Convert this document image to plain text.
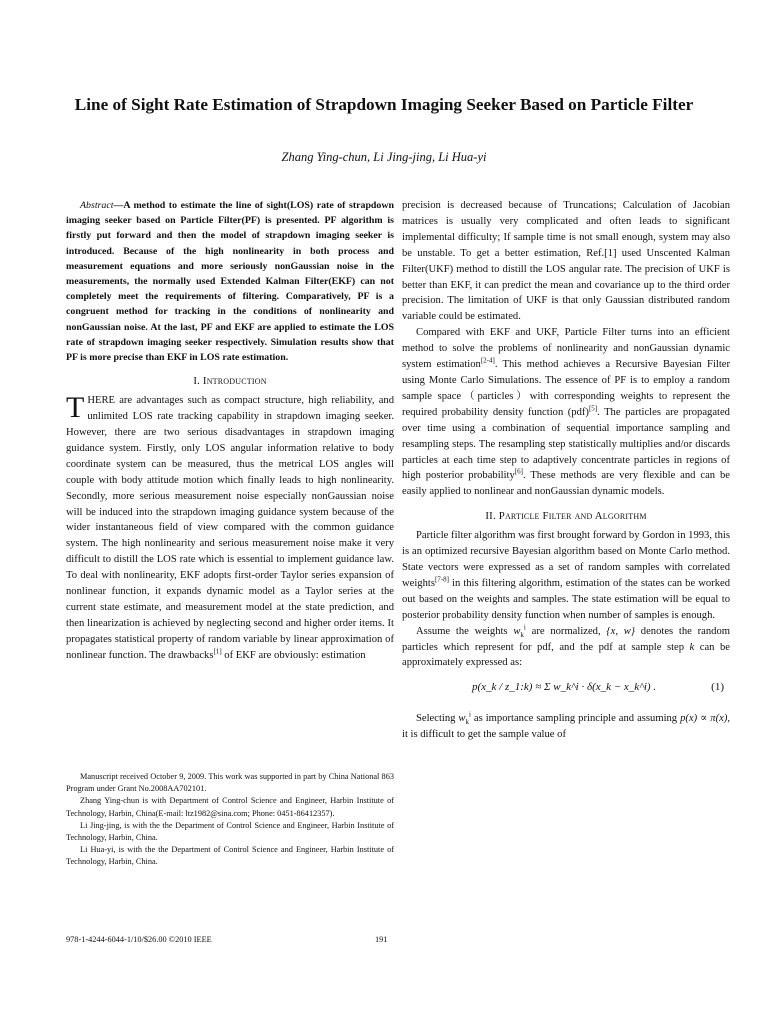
Line of Sight Rate Estimation of Strapdown Imaging Seeker Based on Particle Filter
Zhang Ying-chun, Li Jing-jing, Li Hua-yi

Abstract—A method to estimate the line of sight(LOS) rate of strapdown imaging seeker based on Particle Filter(PF) is presented. PF algorithm is firstly put forward and then the model of strapdown imaging seeker is introduced. Because of the high nonlinearity in both process and measurement equations and more seriously nonGaussian noise in the measurements, the normally used Extended Kalman Filter(EKF) can not completely meet the requirements of filtering. Comparatively, PF is a congruent method for tracking in the conditions of nonlinearity and nonGaussian noise. At the last, PF and EKF are applied to estimate the LOS rate of strapdown imaging seeker respectively. Simulation results show that PF is more precise than EKF in LOS rate estimation.

I. Introduction

THERE are advantages such as compact structure, high reliability, and unlimited LOS rate tracking capability in strapdown imaging seeker. However, there are two serious disadvantages in strapdown imaging guidance system. Firstly, only LOS angular information relative to body coordinate system can be measured, thus the metrical LOS angles will couple with body attitude motion which finally leads to high nonlinearity. Secondly, more serious measurement noise especially nonGaussian noise will be induced into the strapdown imaging guidance system because of the wider instantaneous field of view compared with the common guidance system. The high nonlinearity and serious measurement noise make it very difficult to distill the LOS rate which is essential to implement guidance law. To deal with nonlinearity, EKF adopts first-order Taylor series expansion of nonlinear function, it expands dynamic model as a Taylor series at the current state estimate, and measurement model at the state prediction, and then linearization is achieved by neglecting second and higher order items. It propagates statistical property of random variable by linear approximation of nonlinear function. The drawbacks[1] of EKF are obviously: estimation

Manuscript received October 9, 2009. This work was supported in part by China National 863 Program under Grant No.2008AA702101.

Zhang Ying-chun is with Department of Control Science and Engineer, Harbin Institute of Technology, Harbin, China(E-mail: ltz1982@sina.com; Phone: 0451-86412357).

Li Jing-jing, is with the the Department of Control Science and Engineer, Harbin Institute of Technology, Harbin, China.

Li Hua-yi, is with the the Department of Control Science and Engineer, Harbin Institute of Technology, Harbin, China.

precision is decreased because of Truncations; Calculation of Jacobian matrices is usually very complicated and often leads to significant implemental difficulty; If sample time is not small enough, system may also be unstable. To get a better estimation, Ref.[1] used Unscented Kalman Filter(UKF) method to distill the LOS angular rate. The precision of UKF is better than EKF, it can predict the mean and covariance up to the third order precision. The limitation of UKF is that only Gaussian distributed random variable could be estimated.

Compared with EKF and UKF, Particle Filter turns into an efficient method to solve the problems of nonlinearity and nonGaussian dynamic system estimation[2-4]. This method achieves a Recursive Bayesian Filter using Monte Carlo Simulations. The essence of PF is to employ a random sample space（particles）with corresponding weights to represent the required probability density function (pdf)[5]. The particles are propagated over time using a combination of sequential importance sampling and resampling steps. The resampling step statistically multiplies and/or discards particles at each time step to adaptively concentrate particles in regions of high posterior probability[6]. These methods are very flexible and can be easily applied to nonlinear and nonGaussian dynamic models.

II. Particle Filter and Algorithm

Particle filter algorithm was first brought forward by Gordon in 1993, this is an optimized recursive Bayesian algorithm based on Monte Carlo method. State vectors were expressed as a set of random samples with correlated weights[7-8] in this filtering algorithm, estimation of the states can be worked out based on the weights and samples. The state estimation will be equal to posterior probability density function when number of samples is enough.

Assume the weights $w_k^i$ are normalized, {x, w} denotes the random particles which represent for pdf, and the pdf at sample step k can be approximately expressed as:

p(x_k / z_1:k) ≈ Σ w_k^i · δ(x_k − x_k^i) .	(1)

Selecting $w_k^i$ as importance sampling principle and assuming p(x) ∝ π(x), it is difficult to get the sample value of

978-1-4244-6044-1/10/$26.00 ©2010 IEEE	191
